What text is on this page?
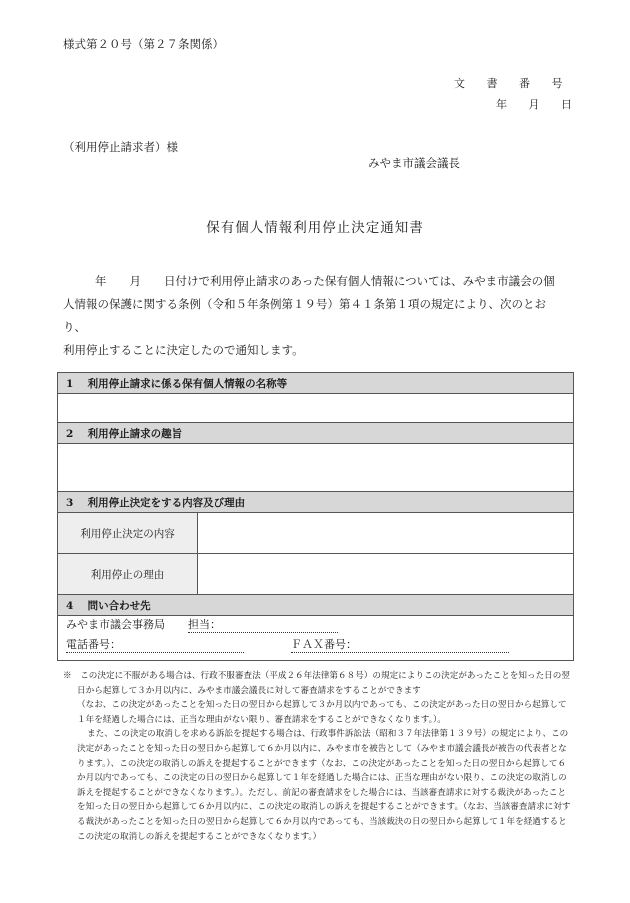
様式第２０号（第２７条関係）
文 書 番 号
年 月 日
（利用停止請求者）様
みやま市議会議長
保有個人情報利用停止決定通知書

年　　月　　日付けで利用停止請求のあった保有個人情報については、みやま市議会の個

人情報の保護に関する条例（令和５年条例第１９号）第４１条第１項の規定により、次のとおり、

利用停止することに決定したので通知します。

1 利用停止請求に係る保有個人情報の名称等	

2 利用停止請求の趣旨	

3 利用停止決定をする内容及び理由	
利用停止決定の内容	
利用停止の理由	
4 問い合わせ先	

みやま市議会事務局 担当：
電話番号： ＦＡＸ番号：	

※　この決定に不服がある場合は、行政不服審査法（平成２６年法律第６８号）の規定によりこの決定があったことを知った日の翌日から起算して３か月以内に、みやま市議会議長に対して審査請求をすることができます

（なお、この決定があったことを知った日の翌日から起算して３か月以内であっても、この決定があった日の翌日から起算して１年を経過した場合には、正当な理由がない限り、審査請求をすることができなくなります。）。

また、この決定の取消しを求める訴訟を提起する場合は、行政事件訴訟法（昭和３７年法律第１３９号）の規定により、この決定があったことを知った日の翌日から起算して６か月以内に、みやま市を被告として（みやま市議会議長が被告の代表者となります。）、この決定の取消しの訴えを提起することができます（なお、この決定があったことを知った日の翌日から起算して６か月以内であっても、この決定の日の翌日から起算して１年を経過した場合には、正当な理由がない限り、この決定の取消しの訴えを提起することができなくなります。）。ただし、前記の審査請求をした場合には、当該審査請求に対する裁決があったことを知った日の翌日から起算して６か月以内に、この決定の取消しの訴えを提起することができます。（なお、当該審査請求に対する裁決があったことを知った日の翌日から起算して６か月以内であっても、当該裁決の日の翌日から起算して１年を経過するとこの決定の取消しの訴えを提起することができなくなります。）
